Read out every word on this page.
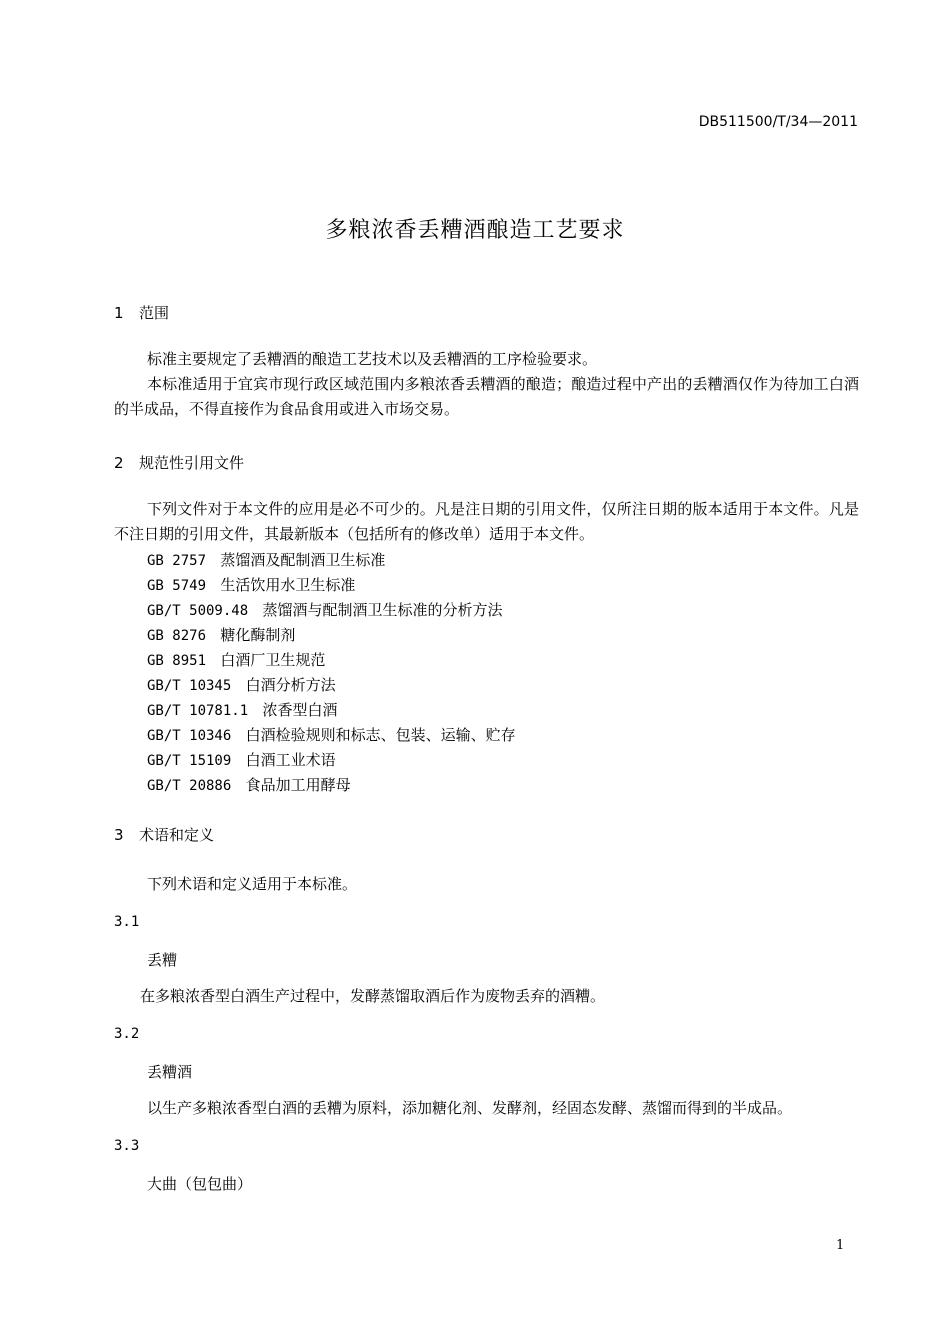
DB511500/T/34—2011
多粮浓香丢糟酒酿造工艺要求
1 范围
标准主要规定了丢糟酒的酿造工艺技术以及丢糟酒的工序检验要求。
本标准适用于宜宾市现行政区域范围内多粮浓香丢糟酒的酿造；酿造过程中产出的丢糟酒仅作为待加工白酒的半成品，不得直接作为食品食用或进入市场交易。
2 规范性引用文件
下列文件对于本文件的应用是必不可少的。凡是注日期的引用文件，仅所注日期的版本适用于本文件。凡是不注日期的引用文件，其最新版本（包括所有的修改单）适用于本文件。
GB 2757 蒸馏酒及配制酒卫生标准
GB 5749 生活饮用水卫生标准
GB/T 5009.48 蒸馏酒与配制酒卫生标准的分析方法
GB 8276 糖化酶制剂
GB 8951 白酒厂卫生规范
GB/T 10345 白酒分析方法
GB/T 10781.1 浓香型白酒
GB/T 10346 白酒检验规则和标志、包装、运输、贮存
GB/T 15109 白酒工业术语
GB/T 20886 食品加工用酵母
3 术语和定义
下列术语和定义适用于本标准。
3.1
丢糟
在多粮浓香型白酒生产过程中，发酵蒸馏取酒后作为废物丢弃的酒糟。
3.2
丢糟酒
以生产多粮浓香型白酒的丢糟为原料，添加糖化剂、发酵剂，经固态发酵、蒸馏而得到的半成品。
3.3
大曲（包包曲）
1
